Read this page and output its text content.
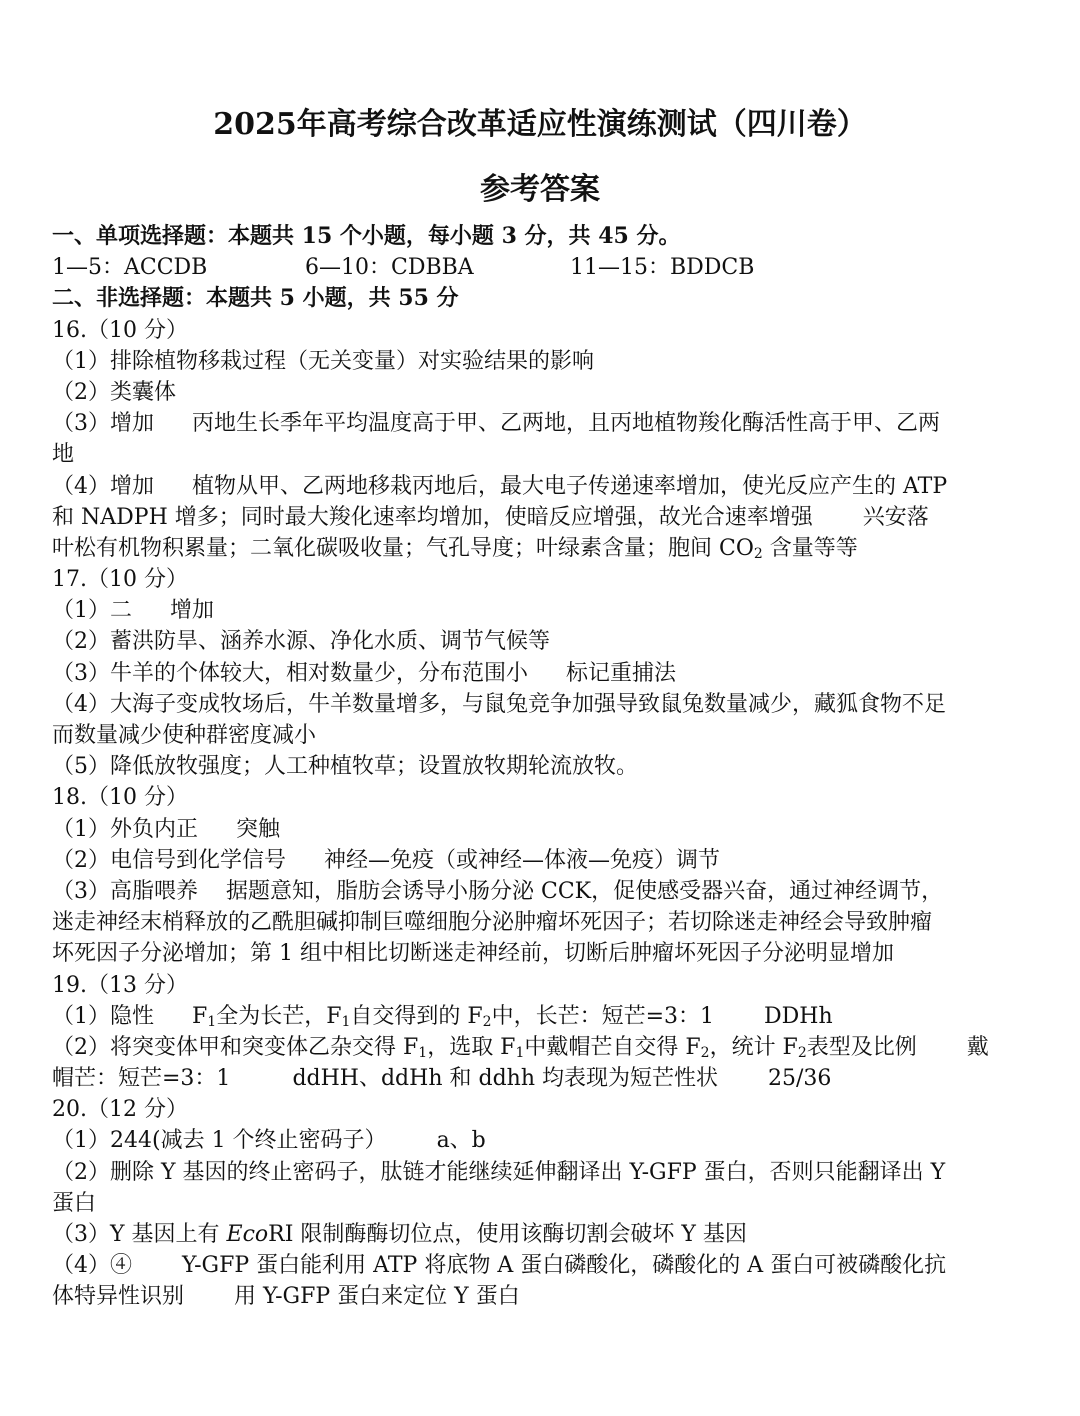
2025年高考综合改革适应性演练测试（四川卷）
参考答案
一、单项选择题：本题共 15 个小题，每小题 3 分，共 45 分。
1—5：ACCDB	6—10：CDBBA	11—15：BDDCB
二、非选择题：本题共 5 小题，共 55 分
16.（10 分）
（1）排除植物移栽过程（无关变量）对实验结果的影响
（2）类囊体
（3）增加 丙地生长季年平均温度高于甲、乙两地，且丙地植物羧化酶活性高于甲、乙两
地
（4）增加 植物从甲、乙两地移栽丙地后，最大电子传递速率增加，使光反应产生的 ATP
和 NADPH 增多；同时最大羧化速率均增加，使暗反应增强，故光合速率增强 兴安落
叶松有机物积累量；二氧化碳吸收量；气孔导度；叶绿素含量；胞间 $CO_2$ 含量等等
17.（10 分）
（1）二 增加
（2）蓄洪防旱、涵养水源、净化水质、调节气候等
（3）牛羊的个体较大，相对数量少，分布范围小 标记重捕法
（4）大海子变成牧场后，牛羊数量增多，与鼠兔竞争加强导致鼠兔数量减少，藏狐食物不足
而数量减少使种群密度减小
（5）降低放牧强度；人工种植牧草；设置放牧期轮流放牧。
18.（10 分）
（1）外负内正 突触
（2）电信号到化学信号 神经—免疫（或神经—体液—免疫）调节
（3）高脂喂养 据题意知，脂肪会诱导小肠分泌 CCK，促使感受器兴奋，通过神经调节，
迷走神经末梢释放的乙酰胆碱抑制巨噬细胞分泌肿瘤坏死因子；若切除迷走神经会导致肿瘤
坏死因子分泌增加；第 1 组中相比切断迷走神经前，切断后肿瘤坏死因子分泌明显增加
19.（13 分）
（1）隐性 $F_1$全为长芒，$F_1$自交得到的 $F_2$中，长芒：短芒=3：1 DDHh
（2）将突变体甲和突变体乙杂交得 $F_1$，选取 $F_1$中戴帽芒自交得 $F_2$，统计 $F_2$表型及比例 戴
帽芒：短芒=3：1	ddHH、ddHh 和 ddhh 均表现为短芒性状 25/36
20.（12 分）
（1）244(减去 1 个终止密码子） a、b
（2）删除 Y 基因的终止密码子，肽链才能继续延伸翻译出 Y-GFP 蛋白，否则只能翻译出 Y
蛋白
（3）Y 基因上有 EcoRI 限制酶酶切位点，使用该酶切割会破坏 Y 基因
（4）④ Y-GFP 蛋白能利用 ATP 将底物 A 蛋白磷酸化，磷酸化的 A 蛋白可被磷酸化抗
体特异性识别 用 Y-GFP 蛋白来定位 Y 蛋白
